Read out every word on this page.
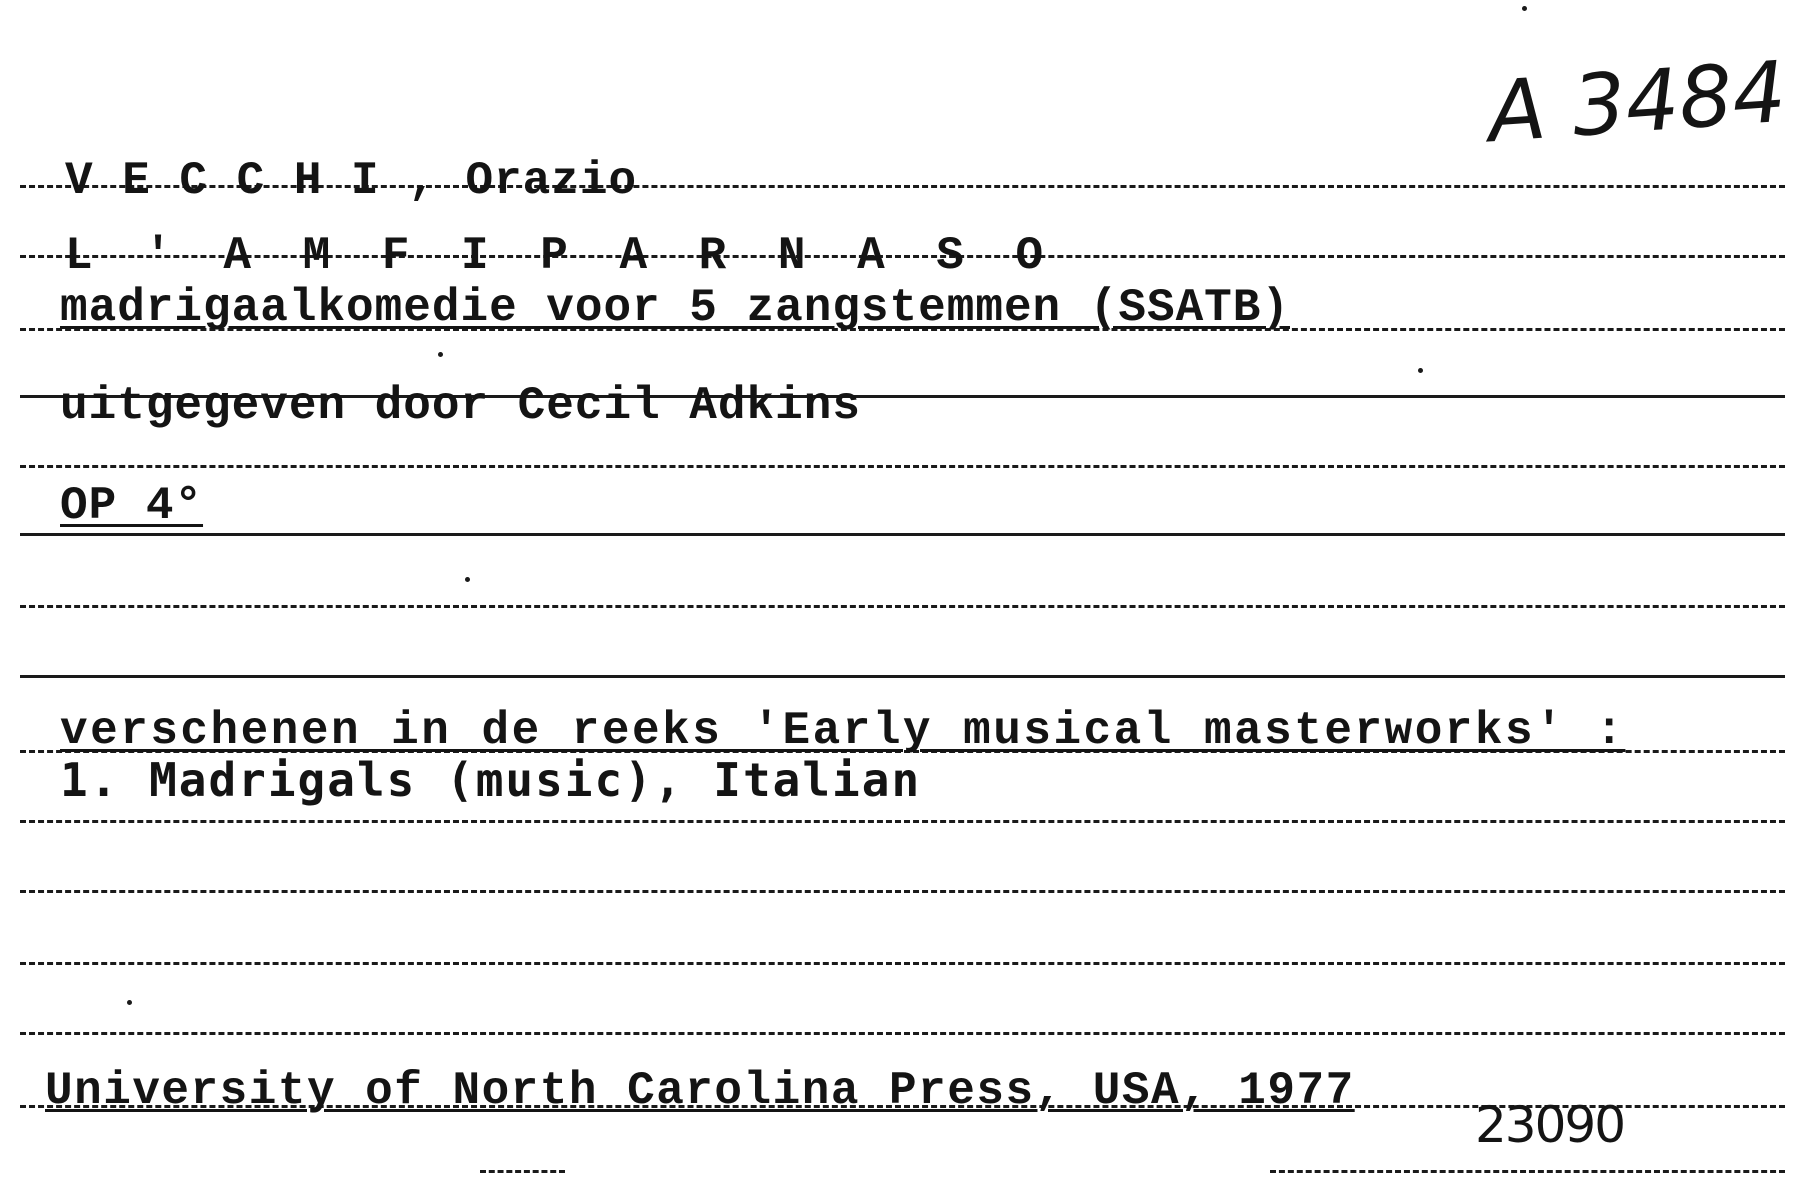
A 3484
V E C C H I , Orazio
L ' A M F I P A R N A S O
madrigaalkomedie voor 5 zangstemmen (SSATB)
uitgegeven door Cecil Adkins
OP 4°
verschenen in de reeks 'Early musical masterworks' :
1. Madrigals (music), Italian
University of North Carolina Press, USA, 1977
23090
